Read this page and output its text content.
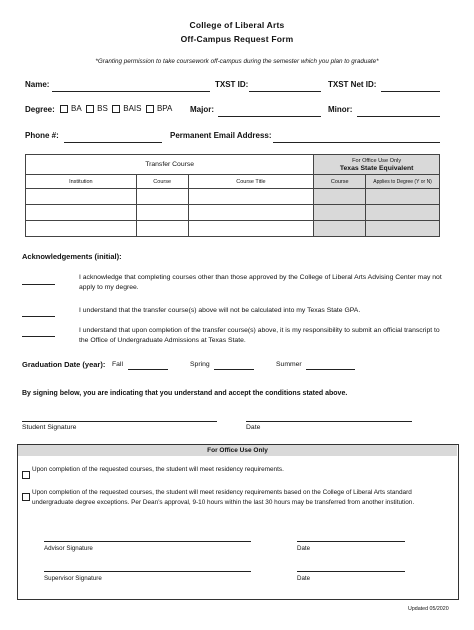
College of Liberal Arts
Off-Campus Request Form
*Granting permission to take coursework off-campus during the semester which you plan to graduate*
Name:	TXST ID:	TXST Net ID:
Degree:	BA BS BAIS BPA Major:	Minor:
Phone #:	Permanent Email Address:
Transfer Course			For Office Use Only
Texas State Equivalent	

Institution	Course	Course Title	Course	Applies to Degree (Y or N)

Acknowledgements (initial):
I acknowledge that completing courses other than those approved by the College of Liberal Arts Advising Center may not apply to my degree.
I understand that the transfer course(s) above will not be calculated into my Texas State GPA.
I understand that upon completion of the transfer course(s) above, it is my responsibility to submit an official transcript to the Office of Undergraduate Admissions at Texas State.
Graduation Date (year): Fall	Spring	Summer
By signing below, you are indicating that you understand and accept the conditions stated above.
Student Signature	Date
For Office Use Only
Upon completion of the requested courses, the student will meet residency requirements.
Upon completion of the requested courses, the student will meet residency requirements based on the College of Liberal Arts standard undergraduate degree exceptions. Per Dean’s approval, 9-10 hours within the last 30 hours may be transferred from another institution.
Advisor Signature	Date
Supervisor Signature	Date
Updated 05/2020
